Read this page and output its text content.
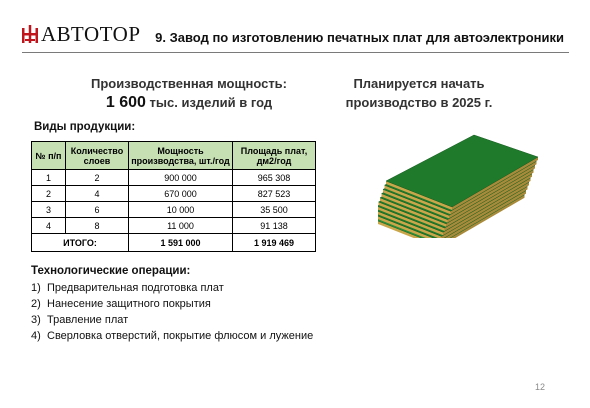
АВТОТОР 9. Завод по изготовлению печатных плат для автоэлектроники
Производственная мощность:
1 600 тыс. изделий в год
Планируется начать
производство в 2025 г.
Виды продукции:
№ п/п	Количество слоев	Мощность производства, шт./год	Площадь плат, дм2/год
1	2	900 000	965 308
2	4	670 000	827 523
3	6	10 000	35 500
4	8	11 000	91 138
ИТОГО:		1 591 000	1 919 469
Технологические операции:
1) Предварительная подготовка плат
2) Нанесение защитного покрытия
3) Травление плат
4) Сверловка отверстий, покрытие флюсом и лужение
12
